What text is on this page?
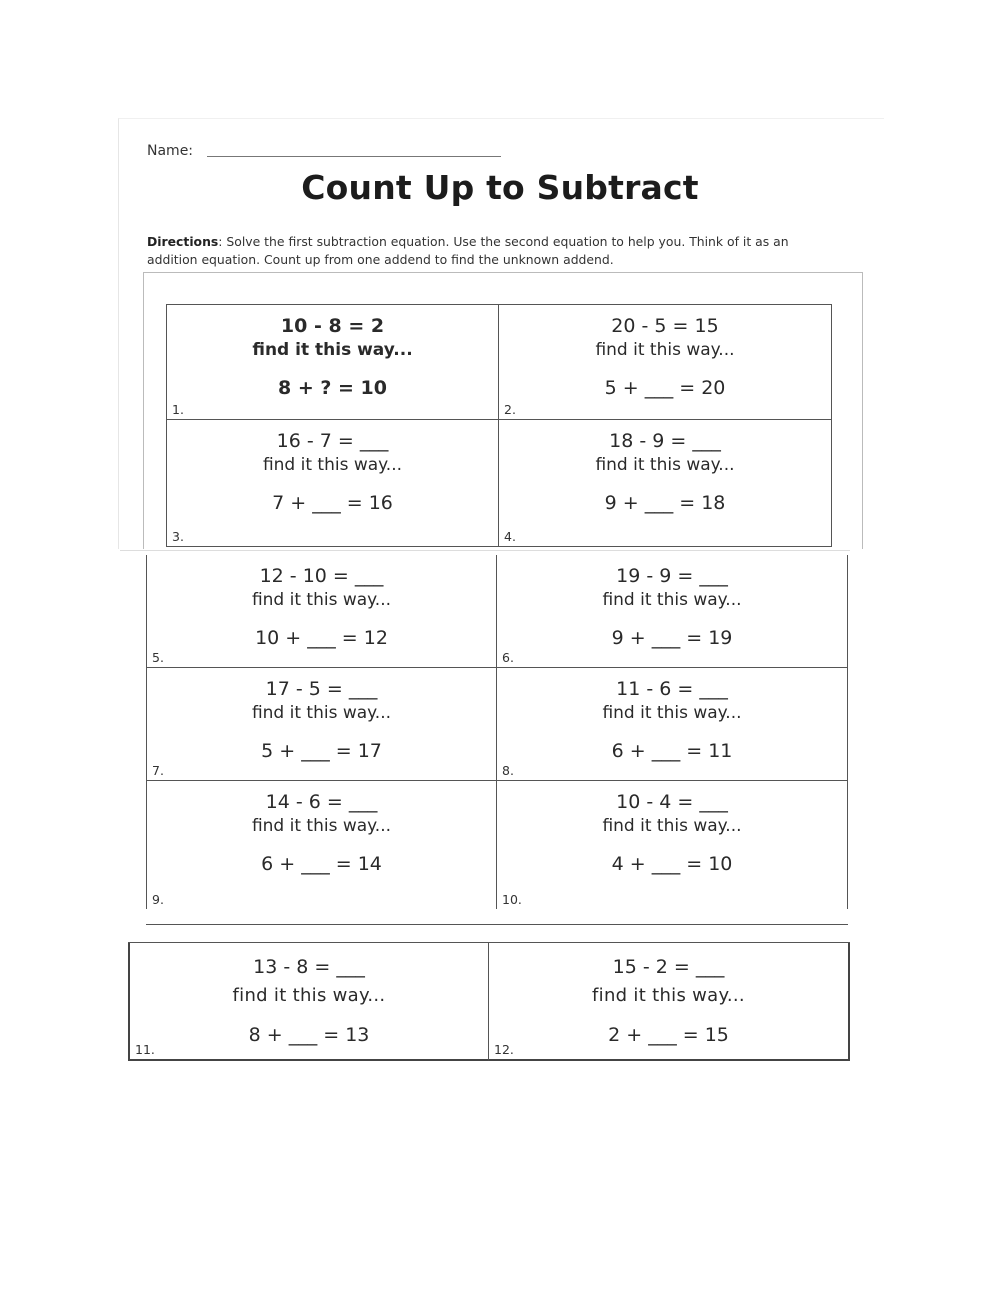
Name:
Count Up to Subtract
Directions: Solve the first subtraction equation. Use the second equation to help you. Think of it as an addition equation. Count up from one addend to find the unknown addend.
10 - 8 = 2
find it this way...
8 + ? = 10
1.
20 - 5 = 15
find it this way...
5 + ___ = 20
2.
16 - 7 = ___
find it this way...
7 + ___ = 16
3.
18 - 9 = ___
find it this way...
9 + ___ = 18
4.
12 - 10 = ___
find it this way...
10 + ___ = 12
5.
19 - 9 = ___
find it this way...
9 + ___ = 19
6.
17 - 5 = ___
find it this way...
5 + ___ = 17
7.
11 - 6 = ___
find it this way...
6 + ___ = 11
8.
14 - 6 = ___
find it this way...
6 + ___ = 14
9.
10 - 4 = ___
find it this way...
4 + ___ = 10
10.
13 - 8 = ___
find it this way...
8 + ___ = 13
11.
15 - 2 = ___
find it this way...
2 + ___ = 15
12.
